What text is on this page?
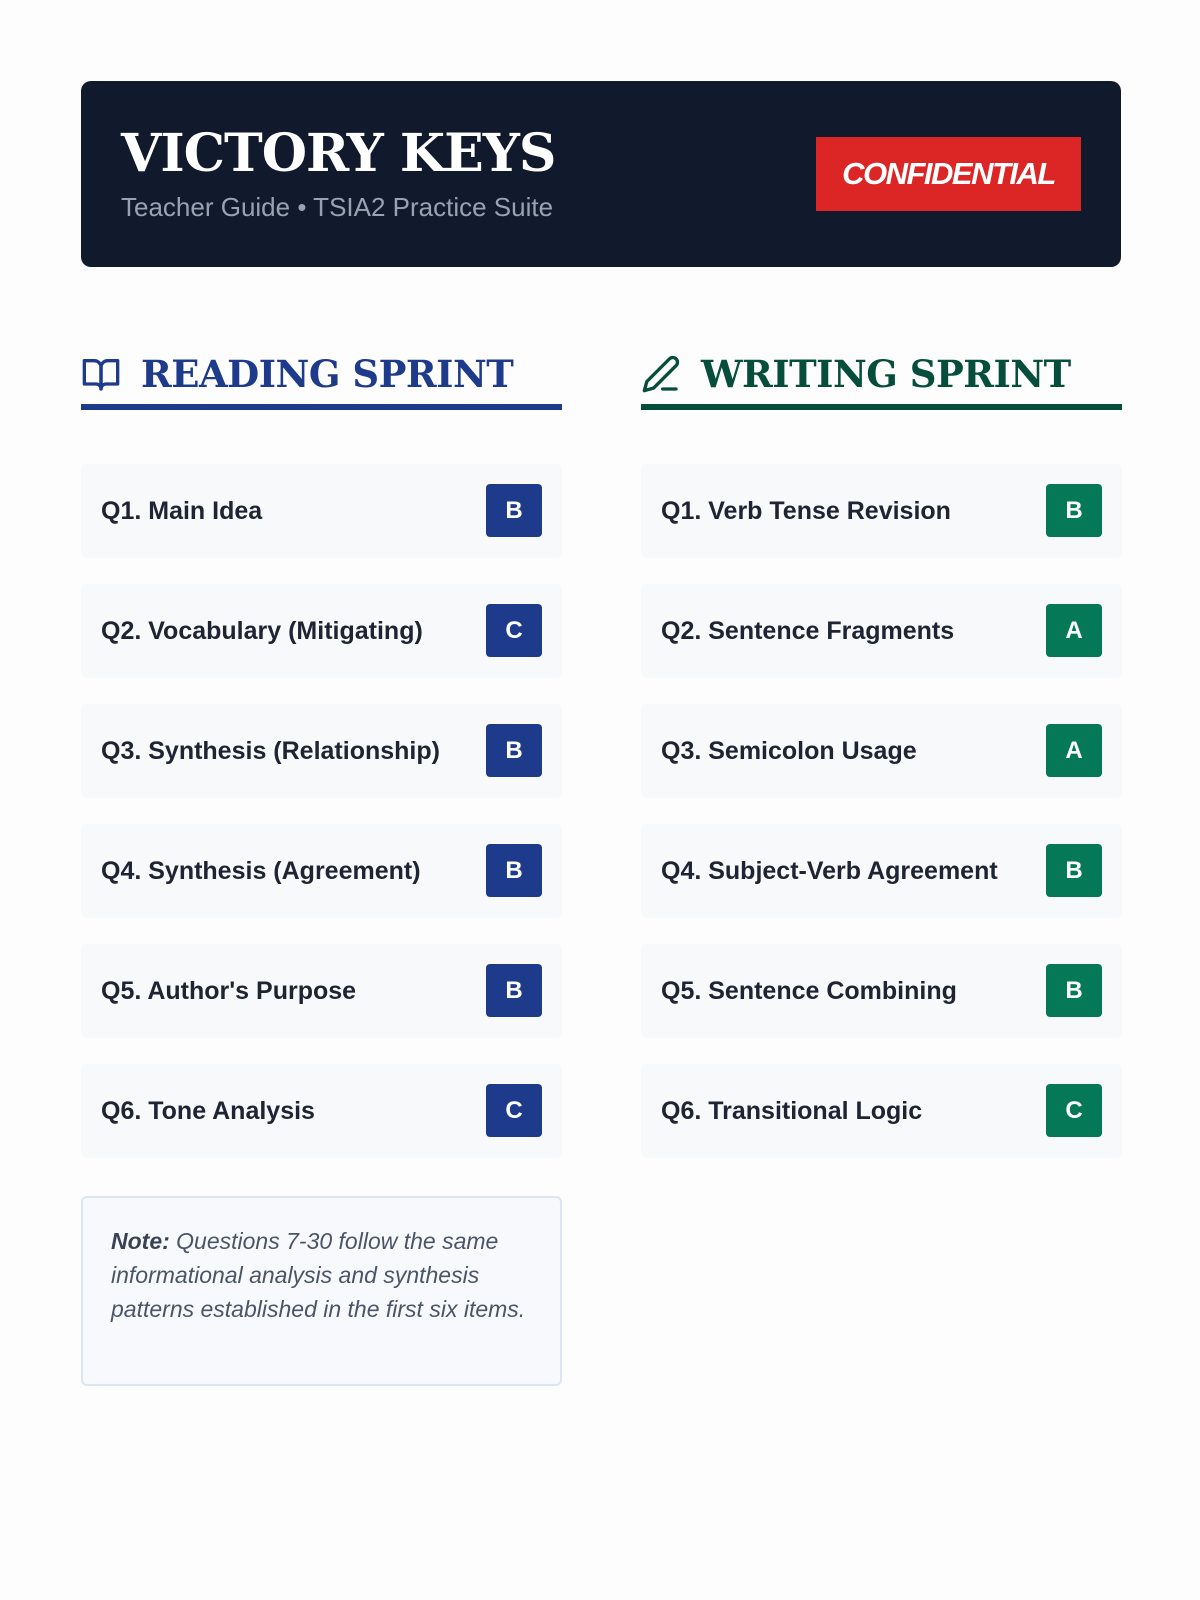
VICTORY KEYS
Teacher Guide • TSIA2 Practice Suite
CONFIDENTIAL
READING SPRINT	WRITING SPRINT
Q1. Main Idea	B
Q2. Vocabulary (Mitigating)	C
Q3. Synthesis (Relationship)	B
Q4. Synthesis (Agreement)	B
Q5. Author's Purpose	B
Q6. Tone Analysis	C
Q1. Verb Tense Revision	B
Q2. Sentence Fragments	A
Q3. Semicolon Usage	A
Q4. Subject-Verb Agreement	B
Q5. Sentence Combining	B
Q6. Transitional Logic	C
Note: Questions 7-30 follow the same informational analysis and synthesis patterns established in the first six items.
